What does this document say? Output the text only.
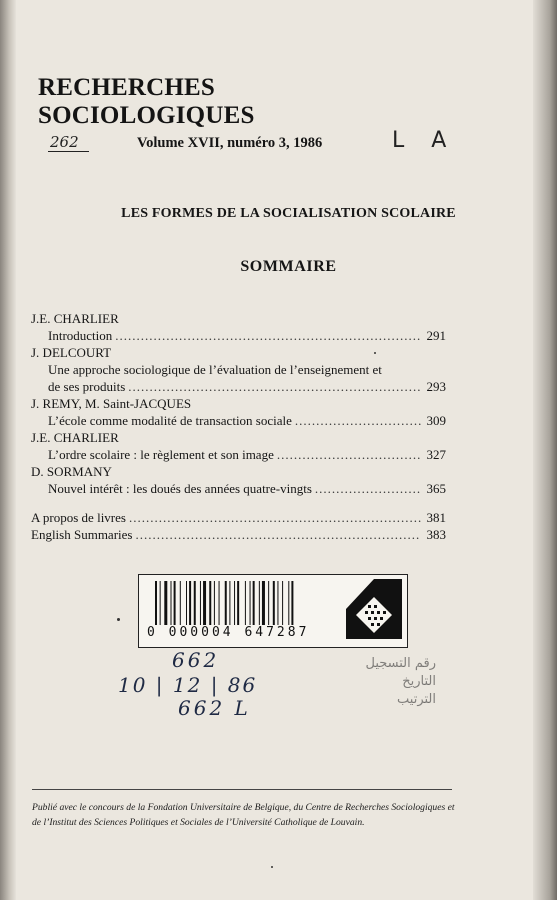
RECHERCHES SOCIOLOGIQUES
262	Volume XVII, numéro 3, 1986	L A
LES FORMES DE LA SOCIALISATION SCOLAIRE
SOMMAIRE
J.E. CHARLIER
Introduction .....	291
J. DELCOURT
Une approche sociologique de l’évaluation de l’enseignement et
de ses produits .....	293
J. REMY, M. Saint-JACQUES
L’école comme modalité de transaction sociale .....	309
J.E. CHARLIER
L’ordre scolaire : le règlement et son image .....	327
D. SORMANY
Nouvel intérêt : les doués des années quatre-vingts .....	365
A propos de livres .....	381
English Summaries .....	383
0 000004 647287
رقم التسجيل
التاريخ
الترتيب
662
10 | 12 | 86
662 L
Publié avec le concours de la Fondation Universitaire de Belgique, du Centre de Recherches Sociologiques et de l’Institut des Sciences Politiques et Sociales de l’Université Catholique de Louvain.
